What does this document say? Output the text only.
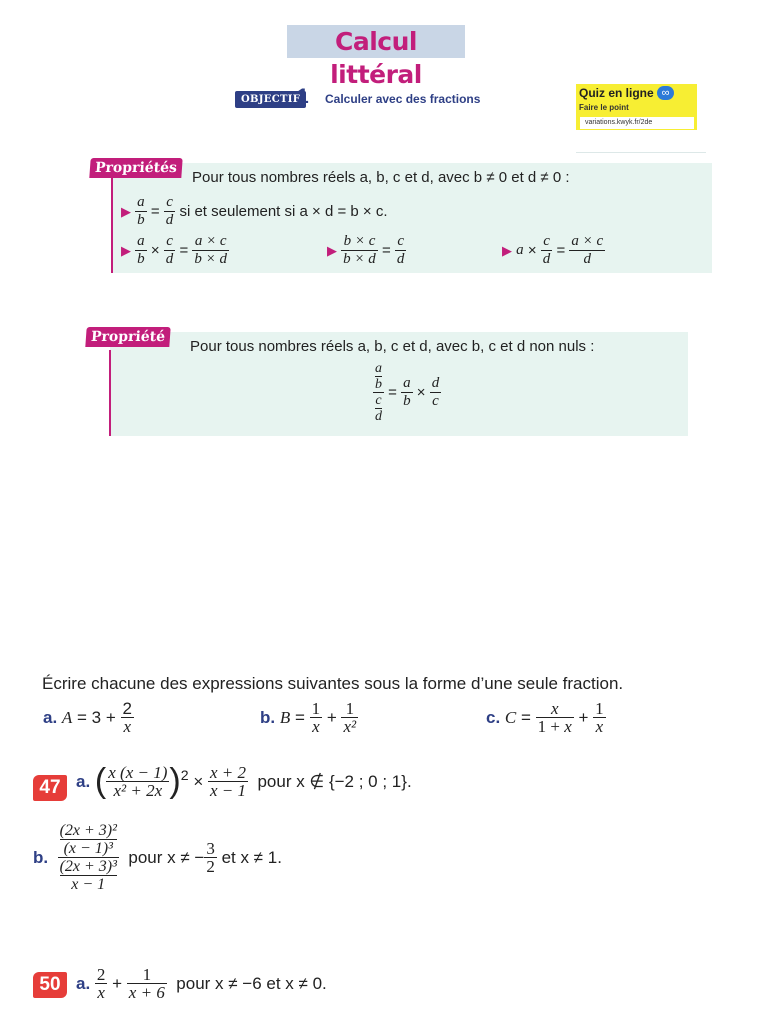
Calcul littéral
OBJECTIF
1 Calculer avec des fractions	Quiz en ligne ∞
Faire le point
variations.kwyk.fr/2de
Propriétés
Pour tous nombres réels a, b, c et d, avec b ≠ 0 et d ≠ 0 :
▶
$\frac{a}{b} = \frac{c}{d}$
si et seulement si a × d = b × c.
▶
$\frac{a}{b} \times \frac{c}{d} = \frac{a \times c}{b \times d}$	▶
$\frac{b \times c}{b \times d} = \frac{c}{d}$	▶
$a \times \frac{c}{d} = \frac{a \times c}{d}$
Propriété
Pour tous nombres réels a, b, c et d, avec b, c et d non nuls :
a
b
c
$d = \frac{a}{b} \times \frac{d}{c}$
Écrire chacune des expressions suivantes sous la forme d’une seule fraction.
a.
$A = 3 + \frac{2}{x}$	b.
$B = \frac{1}{x} + \frac{1}{\text{x²}}$	c.
$C = \frac{x}{1 + x} + \frac{1}{x}$
47 a.
( $\frac{x (x - 1)}{\text{x² + 2x}} )^2 \times \frac{x + 2}{x - 1}$
pour x ∉ {−2 ; 0 ; 1}.
b.
(2x + 3)²
(x − 1)³
(2x + 3)³
x − 1
pour x ≠ − $\frac{3}{2}$
et x ≠ 1.
50 a.
$\frac{2}{x} + \frac{1}{x + 6}$
pour x ≠ −6 et x ≠ 0.
